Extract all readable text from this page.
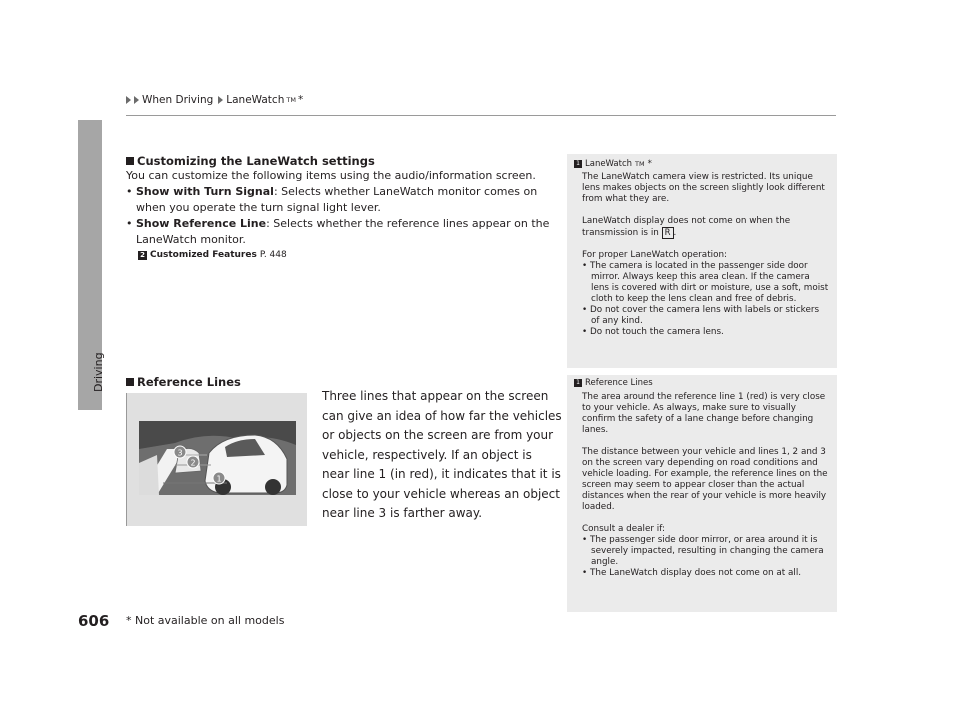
When Driving LaneWatch TM *
Driving
Customizing the LaneWatch settings
You can customize the following items using the audio/information screen.
• Show with Turn Signal: Selects whether LaneWatch monitor comes on when you operate the turn signal light lever.
• Show Reference Line: Selects whether the reference lines appear on the LaneWatch monitor.
2 Customized Features P. 448
Reference Lines
1
2
3
Three lines that appear on the screen can give an idea of how far the vehicles or objects on the screen are from your vehicle, respectively. If an object is near line 1 (in red), it indicates that it is close to your vehicle whereas an object near line 3 is farther away.
1 LaneWatch TM *
The LaneWatch camera view is restricted. Its unique lens makes objects on the screen slightly look different from what they are.
LaneWatch display does not come on when the transmission is in R .
For proper LaneWatch operation:
• The camera is located in the passenger side door mirror. Always keep this area clean. If the camera lens is covered with dirt or moisture, use a soft, moist cloth to keep the lens clean and free of debris.
• Do not cover the camera lens with labels or stickers of any kind.
• Do not touch the camera lens.
1 Reference Lines
The area around the reference line 1 (red) is very close to your vehicle. As always, make sure to visually confirm the safety of a lane change before changing lanes.
The distance between your vehicle and lines 1, 2 and 3 on the screen vary depending on road conditions and vehicle loading. For example, the reference lines on the screen may seem to appear closer than the actual distances when the rear of your vehicle is more heavily loaded.
Consult a dealer if:
• The passenger side door mirror, or area around it is severely impacted, resulting in changing the camera angle.
• The LaneWatch display does not come on at all.
606 * Not available on all models
